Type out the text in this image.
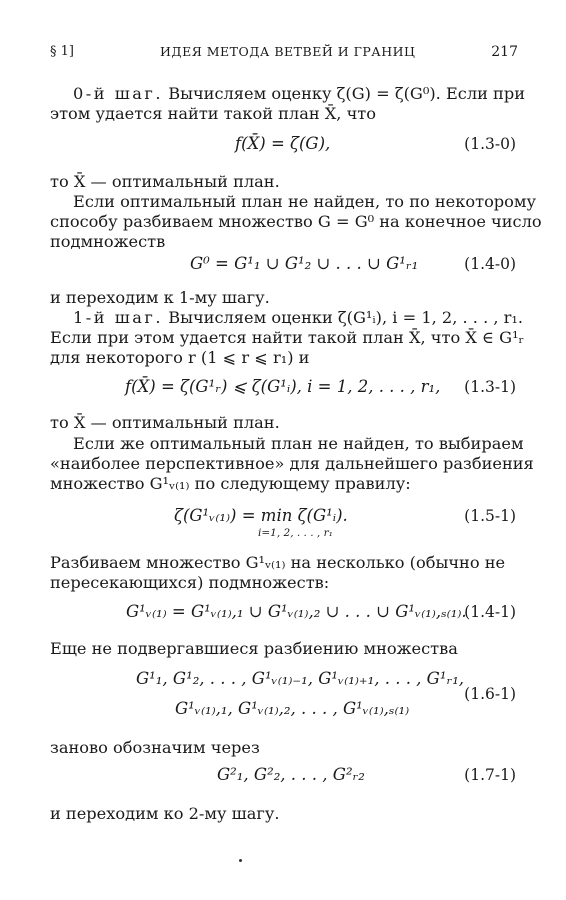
§ 1]	ИДЕЯ МЕТОДА ВЕТВЕЙ И ГРАНИЦ	217
0-й шаг. Вычисляем оценку ζ(G) = ζ(G⁰). Если при
этом удается найти такой план X̄, что
f(X̄) = ζ(G),	(1.3-0)
то X̄ — оптимальный план.
Если оптимальный план не найден, то по некоторому
способу разбиваем множество G = G⁰ на конечное число
подмножеств
G⁰ = G¹₁ ∪ G¹₂ ∪ . . . ∪ G¹ᵣ₁	(1.4-0)
и переходим к 1-му шагу.
1-й шаг. Вычисляем оценки ζ(G¹ᵢ), i = 1, 2, . . . , r₁.
Если при этом удается найти такой план X̄, что X̄ ∈ G¹ᵣ
для некоторого r (1 ⩽ r ⩽ r₁) и
f(X̄) = ζ(G¹ᵣ) ⩽ ζ(G¹ᵢ), i = 1, 2, . . . , r₁, (1.3-1)
то X̄ — оптимальный план.
Если же оптимальный план не найден, то выбираем
«наиболее перспективное» для дальнейшего разбиения
множество G¹ᵥ₍₁₎ по следующему правилу:
ζ(G¹ᵥ₍₁₎) = min ζ(G¹ᵢ).
i=1, 2, . . . , r₁
(1.5-1)
Разбиваем множество G¹ᵥ₍₁₎ на несколько (обычно не
пересекающихся) подмножеств:
G¹ᵥ₍₁₎ = G¹ᵥ₍₁₎,₁ ∪ G¹ᵥ₍₁₎,₂ ∪ . . . ∪ G¹ᵥ₍₁₎,ₛ₍₁₎.
(1.4-1)
Еще не подвергавшиеся разбиению множества
G¹₁, G¹₂, . . . , G¹ᵥ₍₁₎₋₁, G¹ᵥ₍₁₎₊₁, . . . , G¹ᵣ₁,
G¹ᵥ₍₁₎,₁, G¹ᵥ₍₁₎,₂, . . . , G¹ᵥ₍₁₎,ₛ₍₁₎
(1.6-1)
заново обозначим через
G²₁, G²₂, . . . , G²ᵣ₂	(1.7-1)
и переходим ко 2-му шагу.
